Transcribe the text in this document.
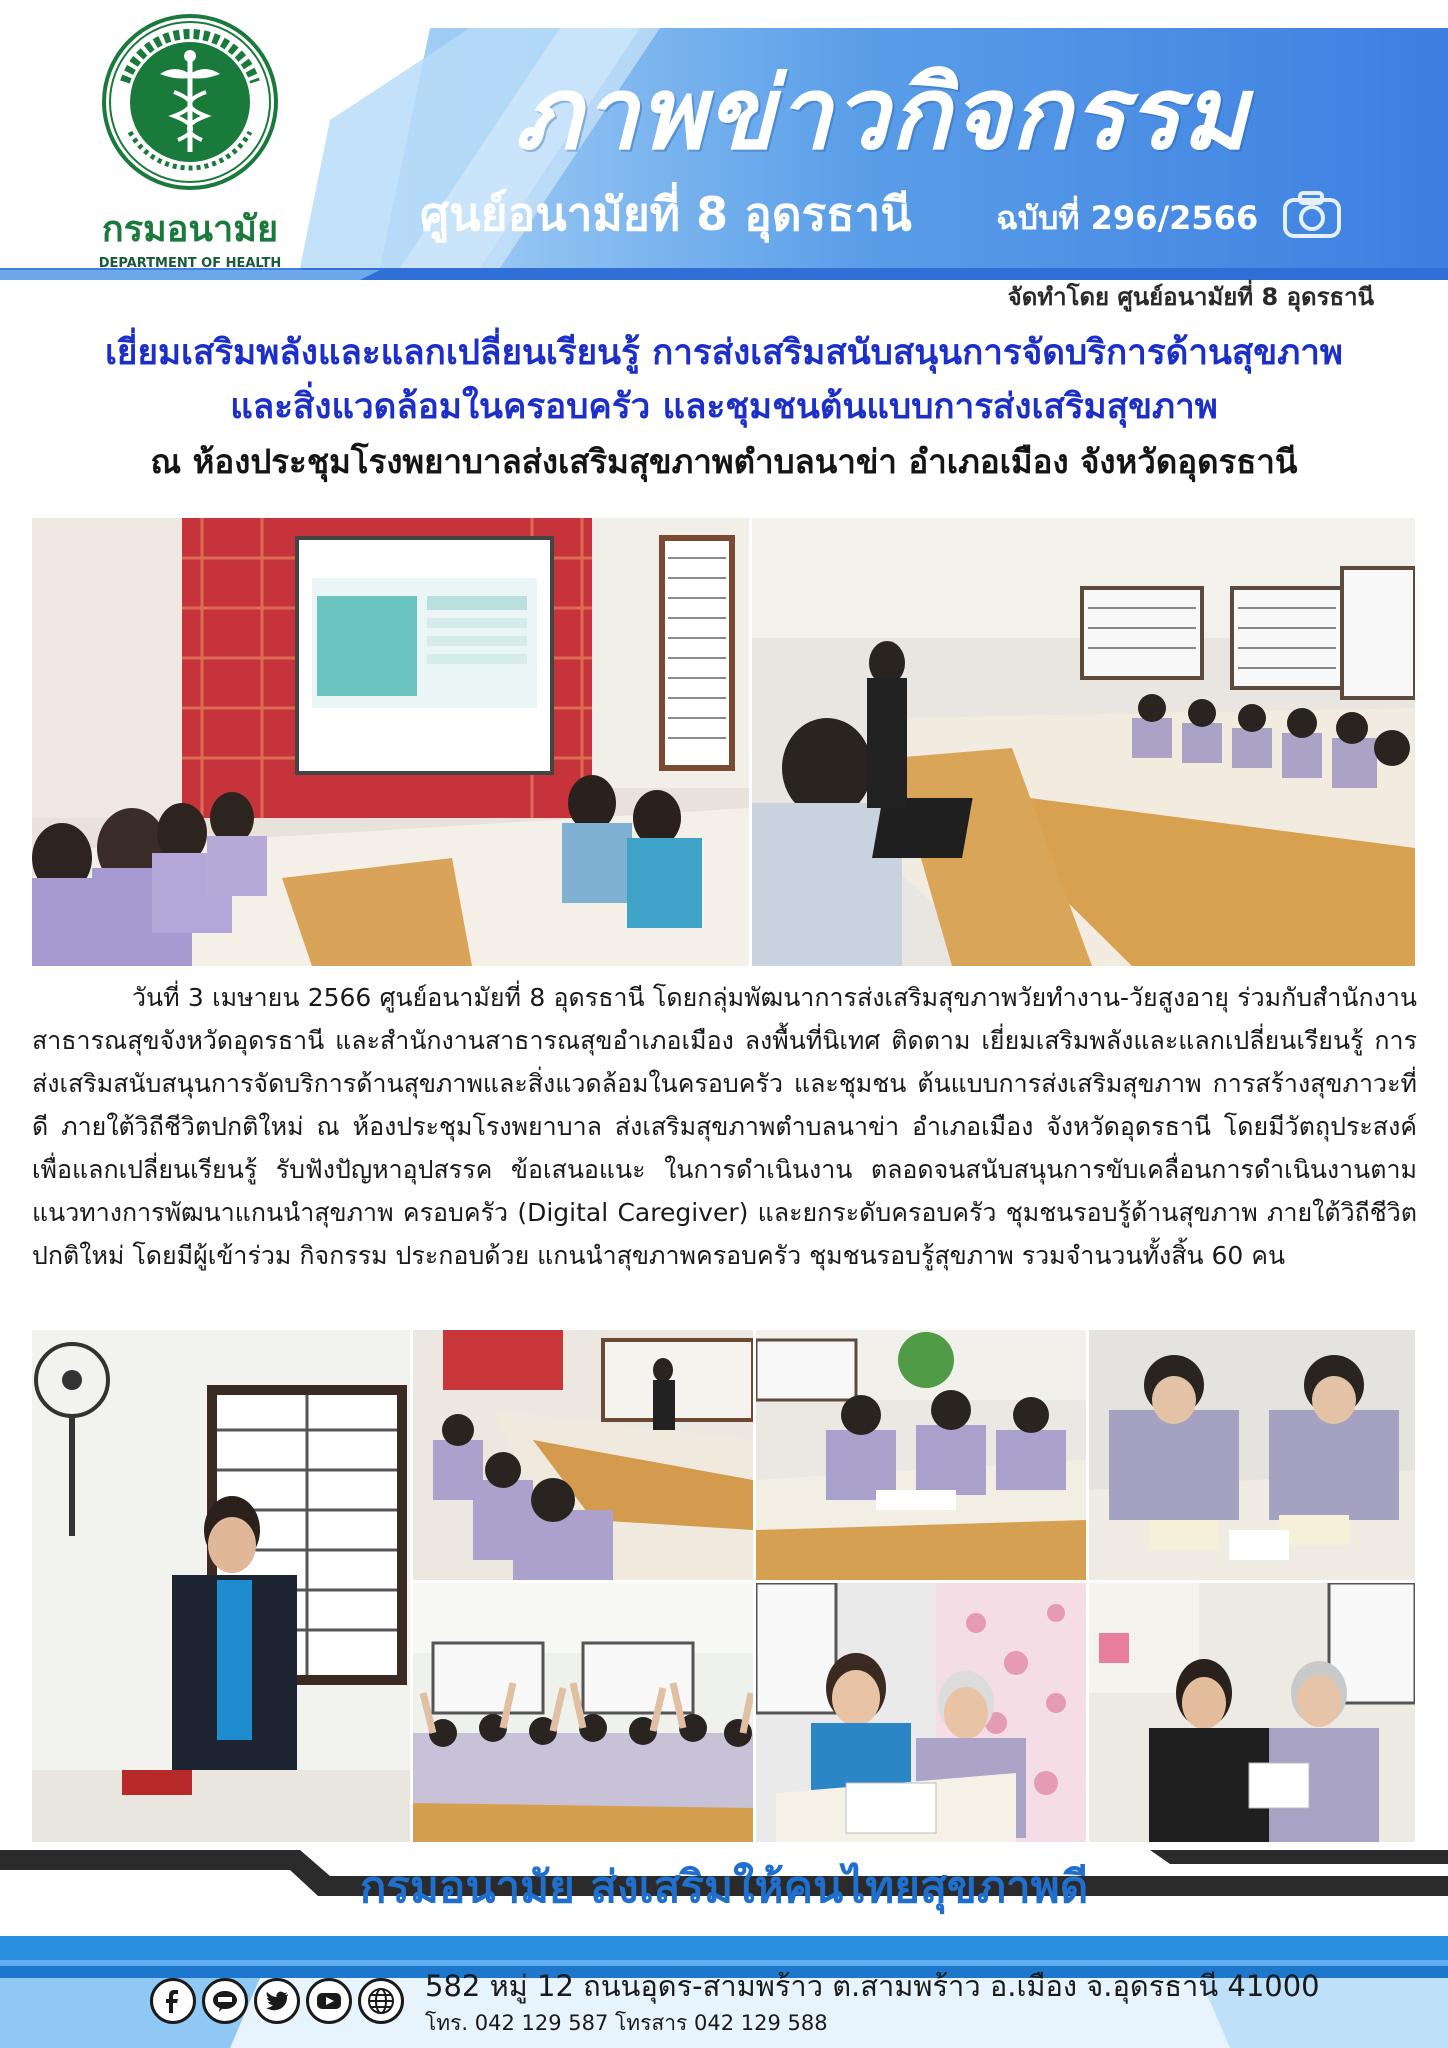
กรมอนามัย
DEPARTMENT OF HEALTH
ภาพข่าวกิจกรรม
ศูนย์อนามัยที่ 8 อุดรธานี	ฉบับที่ 296/2566
จัดทำโดย ศูนย์อนามัยที่ 8 อุดรธานี
เยี่ยมเสริมพลังและแลกเปลี่ยนเรียนรู้ การส่งเสริมสนับสนุนการจัดบริการด้านสุขภาพ
และสิ่งแวดล้อมในครอบครัว และชุมชนต้นแบบการส่งเสริมสุขภาพ
ณ ห้องประชุมโรงพยาบาลส่งเสริมสุขภาพตำบลนาข่า อำเภอเมือง จังหวัดอุดรธานี

วันที่ 3 เมษายน 2566 ศูนย์อนามัยที่ 8 อุดรธานี โดยกลุ่มพัฒนาการส่งเสริมสุขภาพวัยทำงาน-วัยสูงอายุ ร่วมกับสำนักงานสาธารณสุขจังหวัดอุดรธานี และสำนักงานสาธารณสุขอำเภอเมือง ลงพื้นที่นิเทศ ติดตาม เยี่ยมเสริมพลังและแลกเปลี่ยนเรียนรู้ การส่งเสริมสนับสนุนการจัดบริการด้านสุขภาพและสิ่งแวดล้อมในครอบครัว และชุมชน ต้นแบบการส่งเสริมสุขภาพ การสร้างสุขภาวะที่ดี ภายใต้วิถีชีวิตปกติใหม่ ณ ห้องประชุมโรงพยาบาล ส่งเสริมสุขภาพตำบลนาข่า อำเภอเมือง จังหวัดอุดรธานี โดยมีวัตถุประสงค์เพื่อแลกเปลี่ยนเรียนรู้ รับฟังปัญหาอุปสรรค ข้อเสนอแนะ ในการดำเนินงาน ตลอดจนสนับสนุนการขับเคลื่อนการดำเนินงานตามแนวทางการพัฒนาแกนนำสุขภาพ ครอบครัว (Digital Caregiver) และยกระดับครอบครัว ชุมชนรอบรู้ด้านสุขภาพ ภายใต้วิถีชีวิตปกติใหม่ โดยมีผู้เข้าร่วม กิจกรรม ประกอบด้วย แกนนำสุขภาพครอบครัว ชุมชนรอบรู้สุขภาพ รวมจำนวนทั้งสิ้น 60 คน

กรมอนามัย ส่งเสริมให้คนไทยสุขภาพดี
582 หมู่ 12 ถนนอุดร-สามพร้าว ต.สามพร้าว อ.เมือง จ.อุดรธานี 41000
โทร. 042 129 587 โทรสาร 042 129 588
